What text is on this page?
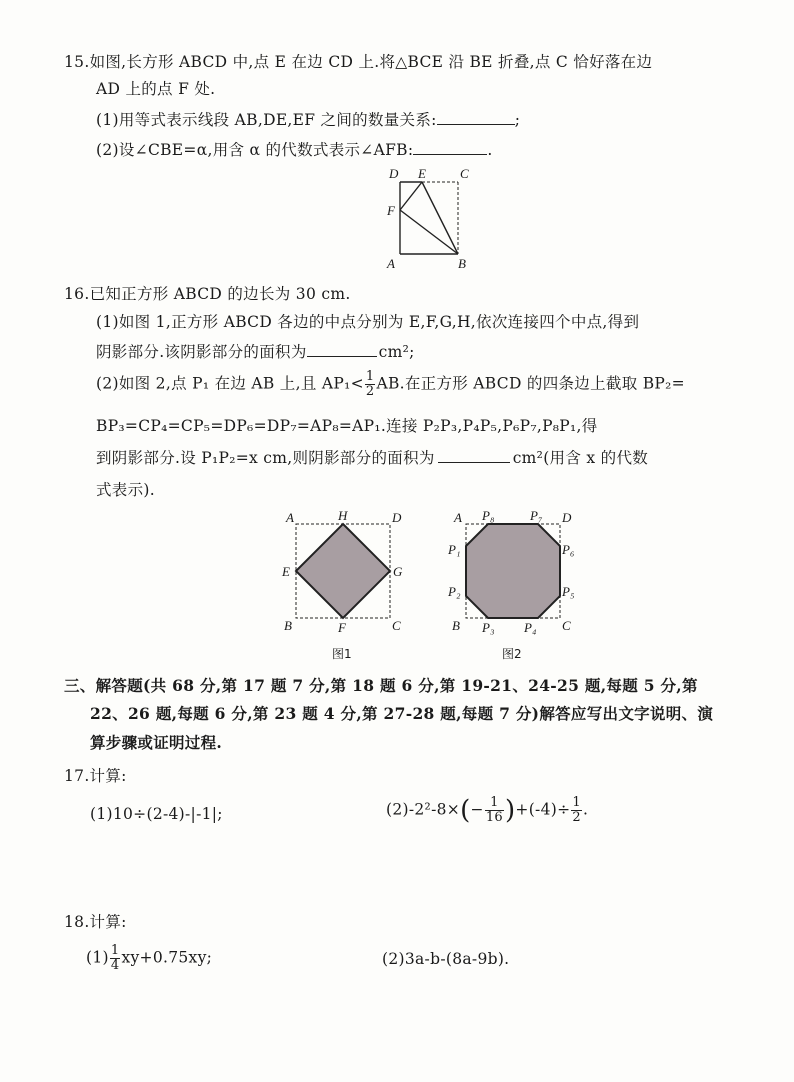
15.如图,长方形 ABCD 中,点 E 在边 CD 上.将△BCE 沿 BE 折叠,点 C 恰好落在边
AD 上的点 F 处.
(1)用等式表示线段 AB,DE,EF 之间的数量关系:	;
(2)设∠CBE=α,用含 α 的代数式表示∠AFB:	.
D E	C
F
A	B
16.已知正方形 ABCD 的边长为 30 cm.
(1)如图 1,正方形 ABCD 各边的中点分别为 E,F,G,H,依次连接四个中点,得到
阴影部分.该阴影部分的面积为	cm²;
(2)如图 2,点 P₁ 在边 AB 上,且 $AP_1< \frac{1}{2}$ AB.在正方形 ABCD 的四条边上截取 BP₂=
BP₃=CP₄=CP₅=DP₆=DP₇=AP₈=AP₁.连接 P₂P₃,P₄P₅,P₆P₇,P₈P₁,得
到阴影部分.设 P₁P₂=x cm,则阴影部分的面积为	cm²(用含 x 的代数
式表示).
A	H	D
E	G
B	F	C
图1
A P₈	P₇ D
P₁	P₆
P₂	P₅
B P₃ P₄ C
图2
三、解答题(共 68 分,第 17 题 7 分,第 18 题 6 分,第 19-21、24-25 题,每题 5 分,第
22、26 题,每题 6 分,第 23 题 4 分,第 27-28 题,每题 7 分)解答应写出文字说明、演
算步骤或证明过程.
17.计算:
(1)10÷(2-4)-|-1|;	$(2)-2^2-8\times(- \frac{1}{16} )+(-4)\div \frac{1}{2}$ .
18.计算:
$(1) \frac{1}{4} xy+0.75xy$;	(2)3a-b-(8a-9b).
